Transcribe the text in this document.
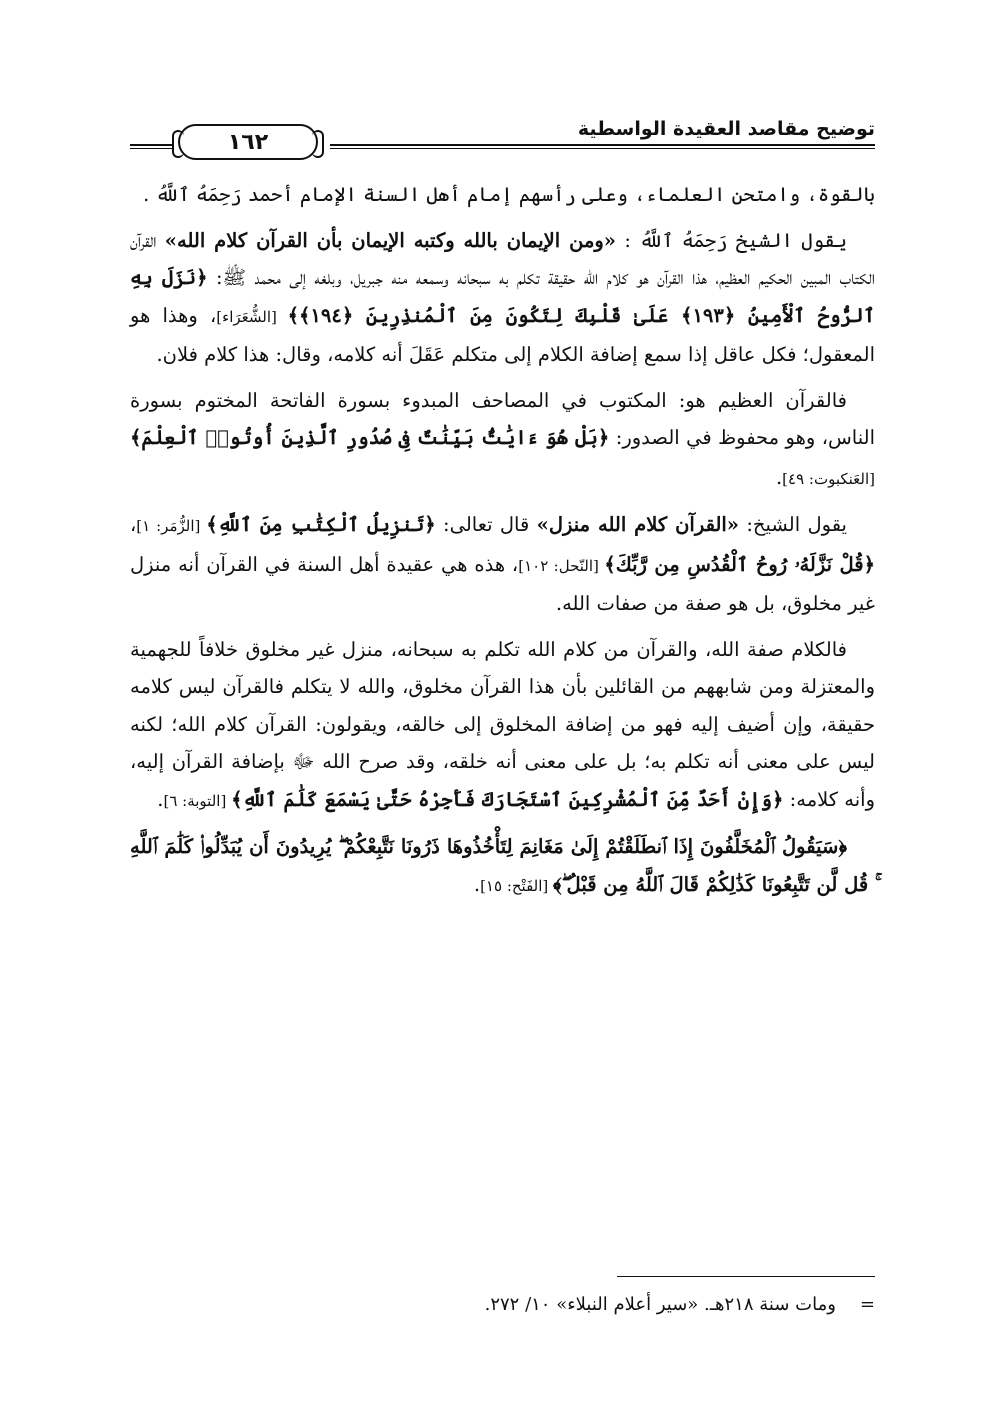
توضيح مقاصد العقيدة الواسطية
١٦٢

بالقوة، وامتحن العلماء، وعلى رأسهم إمام أهل السنة الإمام أحمد رَحِمَهُ ٱللَّهُ .

يقول الشيخ رَحِمَهُ ٱللَّهُ : «ومن الإيمان بالله وكتبه الإيمان بأن القرآن كلام الله» القرآن الكتاب المبين الحكيم العظيم، هذا القرآن هو كلام الله حقيقة تكلم به سبحانه وسمعه منه جبريل، وبلغه إلى محمد ﷺ: ﴿نَزَلَ بِهِ ٱلرُّوحُ ٱلْأَمِينُ ﴿١٩٣﴾ عَلَىٰ قَلْبِكَ لِتَكُونَ مِنَ ٱلْمُنذِرِينَ ﴿١٩٤﴾﴾ [الشُّعَرَاء]، وهذا هو المعقول؛ فكل عاقل إذا سمع إضافة الكلام إلى متكلم عَقَلَ أنه كلامه، وقال: هذا كلام فلان.

فالقرآن العظيم هو: المكتوب في المصاحف المبدوء بسورة الفاتحة المختوم بسورة الناس، وهو محفوظ في الصدور: ﴿بَلْ هُوَ ءَايَٰتٌۢ بَيِّنَٰتٌ فِى صُدُورِ ٱلَّذِينَ أُوتُوا۟ ٱلْعِلْمَ﴾ [العَنكبوت: ٤٩].

يقول الشيخ: «القرآن كلام الله منزل» قال تعالى: ﴿تَنزِيلُ ٱلْكِتَٰبِ مِنَ ٱللَّهِ﴾ [الزُّمَر: ١]، ﴿قُلْ نَزَّلَهُۥ رُوحُ ٱلْقُدُسِ مِن رَّبِّكَ﴾ [النّحل: ١٠٢]، هذه هي عقيدة أهل السنة في القرآن أنه منزل غير مخلوق، بل هو صفة من صفات الله.

فالكلام صفة الله، والقرآن من كلام الله تكلم به سبحانه، منزل غير مخلوق خلافاً للجهمية والمعتزلة ومن شابههم من القائلين بأن هذا القرآن مخلوق، والله لا يتكلم فالقرآن ليس كلامه حقيقة، وإن أضيف إليه فهو من إضافة المخلوق إلى خالقه، ويقولون: القرآن كلام الله؛ لكنه ليس على معنى أنه تكلم به؛ بل على معنى أنه خلقه، وقد صرح الله ﷻ بإضافة القرآن إليه، وأنه كلامه: ﴿وَإِنْ أَحَدٌ مِّنَ ٱلْمُشْرِكِينَ ٱسْتَجَارَكَ فَأَجِرْهُ حَتَّىٰ يَسْمَعَ كَلَٰمَ ٱللَّهِ﴾ [التوبة: ٦].

﴿سَيَقُولُ ٱلْمُخَلَّفُونَ إِذَا ٱنطَلَقْتُمْ إِلَىٰ مَغَانِمَ لِتَأْخُذُوهَا ذَرُونَا نَتَّبِعْكُمْ ۖ يُرِيدُونَ أَن يُبَدِّلُوا۟ كَلَٰمَ ٱللَّهِ ۚ قُل لَّن تَتَّبِعُونَا كَذَٰلِكُمْ قَالَ ٱللَّهُ مِن قَبْلُ ۖ﴾ [الفَتْح: ١٥].

=ومات سنة ٢١٨هـ. «سير أعلام النبلاء» ١٠/ ٢٧٢.
